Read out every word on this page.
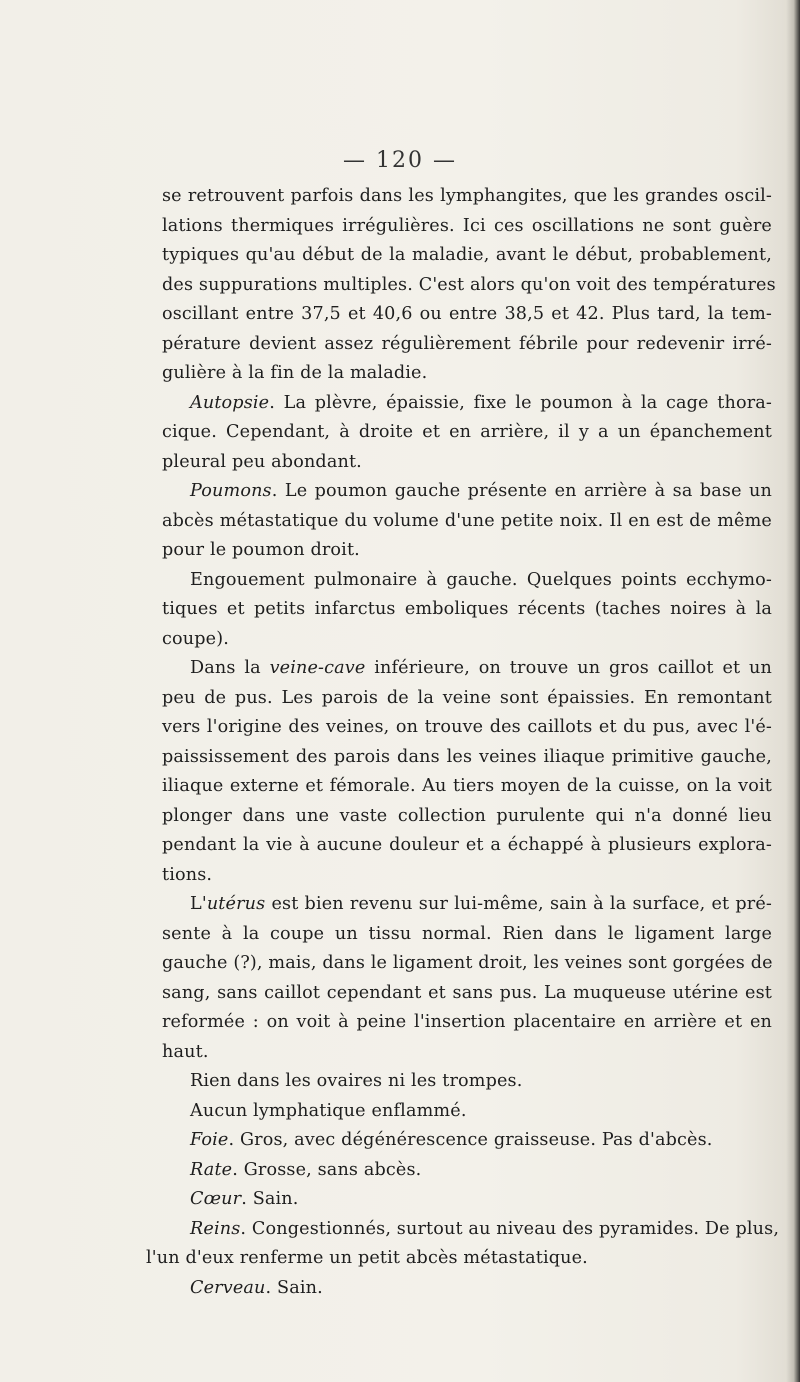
— 120 —
se retrouvent parfois dans les lymphangites, que les grandes oscil-
lations thermiques irrégulières. Ici ces oscillations ne sont guère
typiques qu'au début de la maladie, avant le début, probablement,
des suppurations multiples. C'est alors qu'on voit des températures
oscillant entre 37,5 et 40,6 ou entre 38,5 et 42. Plus tard, la tem-
pérature devient assez régulièrement fébrile pour redevenir irré-
gulière à la fin de la maladie.
Autopsie. La plèvre, épaissie, fixe le poumon à la cage thora-
cique. Cependant, à droite et en arrière, il y a un épanchement
pleural peu abondant.
Poumons. Le poumon gauche présente en arrière à sa base un
abcès métastatique du volume d'une petite noix. Il en est de même
pour le poumon droit.
Engouement pulmonaire à gauche. Quelques points ecchymo-
tiques et petits infarctus emboliques récents (taches noires à la
coupe).
Dans la veine-cave inférieure, on trouve un gros caillot et un
peu de pus. Les parois de la veine sont épaissies. En remontant
vers l'origine des veines, on trouve des caillots et du pus, avec l'é-
paississement des parois dans les veines iliaque primitive gauche,
iliaque externe et fémorale. Au tiers moyen de la cuisse, on la voit
plonger dans une vaste collection purulente qui n'a donné lieu
pendant la vie à aucune douleur et a échappé à plusieurs explora-
tions.
L'utérus est bien revenu sur lui-même, sain à la surface, et pré-
sente à la coupe un tissu normal. Rien dans le ligament large
gauche (?), mais, dans le ligament droit, les veines sont gorgées de
sang, sans caillot cependant et sans pus. La muqueuse utérine est
reformée : on voit à peine l'insertion placentaire en arrière et en
haut.
Rien dans les ovaires ni les trompes.
Aucun lymphatique enflammé.
Foie. Gros, avec dégénérescence graisseuse. Pas d'abcès.
Rate. Grosse, sans abcès.
Cœur. Sain.
Reins. Congestionnés, surtout au niveau des pyramides. De plus,
l'un d'eux renferme un petit abcès métastatique.
Cerveau. Sain.
